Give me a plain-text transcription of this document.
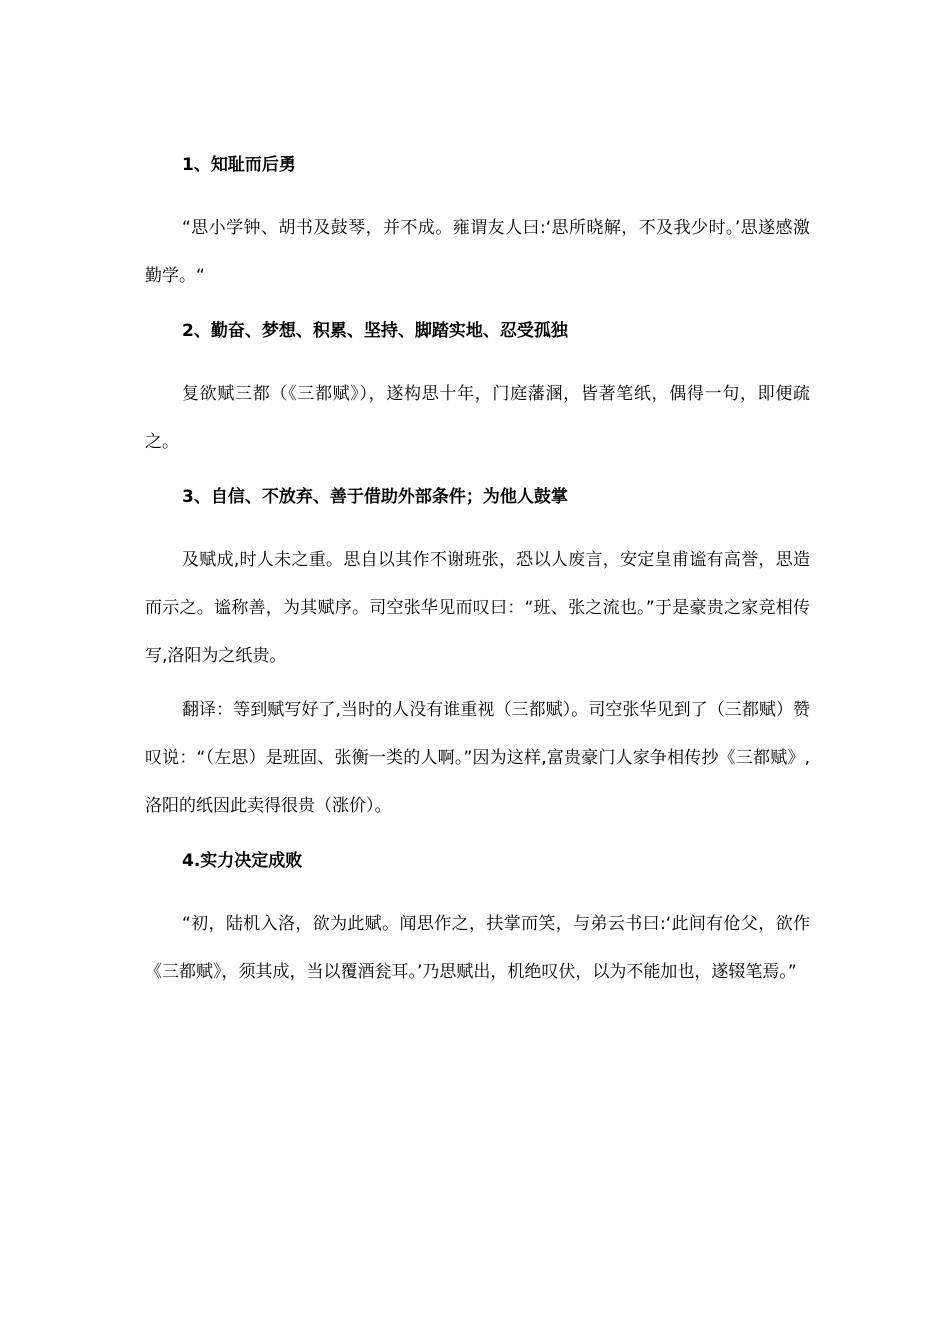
1、知耻而后勇

“思小学钟、胡书及鼓琴，并不成。雍谓友人曰:‘思所晓解，不及我少时。’思遂感激勤学。“

2、勤奋、梦想、积累、坚持、脚踏实地、忍受孤独

复欲赋三都（《三都赋》），遂构思十年，门庭藩溷，皆著笔纸，偶得一句，即便疏之。

3、自信、不放弃、善于借助外部条件；为他人鼓掌

及赋成,时人未之重。思自以其作不谢班张，恐以人废言，安定皇甫谧有高誉，思造而示之。谧称善，为其赋序。司空张华见而叹曰：“班、张之流也。”于是豪贵之家竞相传写,洛阳为之纸贵。

翻译：等到赋写好了,当时的人没有谁重视（三都赋）。司空张华见到了（三都赋）赞叹说：“（左思）是班固、张衡一类的人啊。”因为这样,富贵豪门人家争相传抄《三都赋》,洛阳的纸因此卖得很贵（涨价）。

4.实力决定成败

“初，陆机入洛，欲为此赋。闻思作之，扶掌而笑，与弟云书曰:‘此间有伧父，欲作《三都赋》，须其成，当以覆酒瓮耳。’乃思赋出，机绝叹伏，以为不能加也，遂辍笔焉。”
